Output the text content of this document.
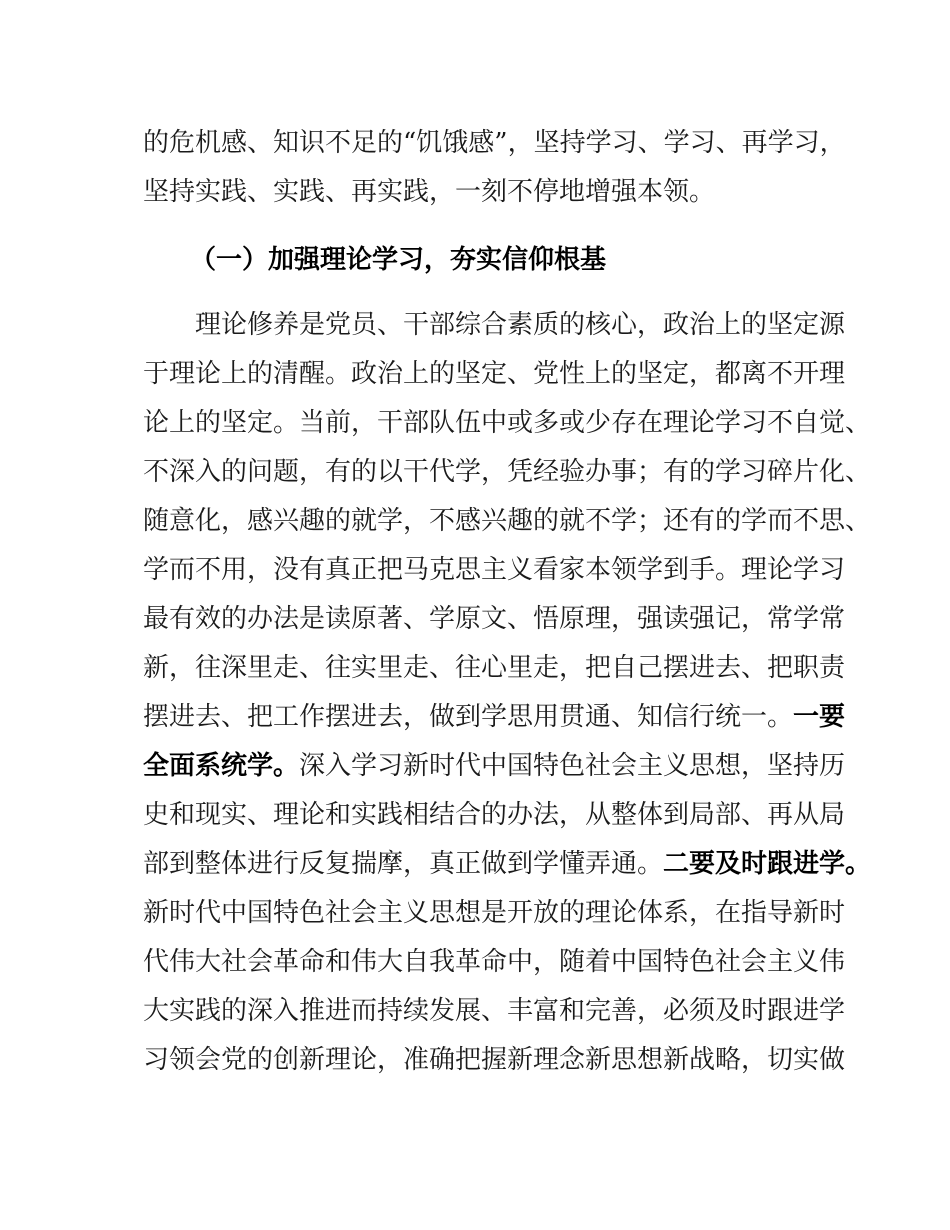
的危机感、知识不足的“饥饿感”，坚持学习、学习、再学习，
坚持实践、实践、再实践，一刻不停地增强本领。
（一）加强理论学习，夯实信仰根基
理论修养是党员、干部综合素质的核心，政治上的坚定源
于理论上的清醒。政治上的坚定、党性上的坚定，都离不开理
论上的坚定。当前，干部队伍中或多或少存在理论学习不自觉、
不深入的问题，有的以干代学，凭经验办事；有的学习碎片化、
随意化，感兴趣的就学，不感兴趣的就不学；还有的学而不思、
学而不用，没有真正把马克思主义看家本领学到手。理论学习
最有效的办法是读原著、学原文、悟原理，强读强记，常学常
新，往深里走、往实里走、往心里走，把自己摆进去、把职责
摆进去、把工作摆进去，做到学思用贯通、知信行统一。一要
全面系统学。深入学习新时代中国特色社会主义思想，坚持历
史和现实、理论和实践相结合的办法，从整体到局部、再从局
部到整体进行反复揣摩，真正做到学懂弄通。二要及时跟进学。
新时代中国特色社会主义思想是开放的理论体系，在指导新时
代伟大社会革命和伟大自我革命中，随着中国特色社会主义伟
大实践的深入推进而持续发展、丰富和完善，必须及时跟进学
习领会党的创新理论，准确把握新理念新思想新战略，切实做
